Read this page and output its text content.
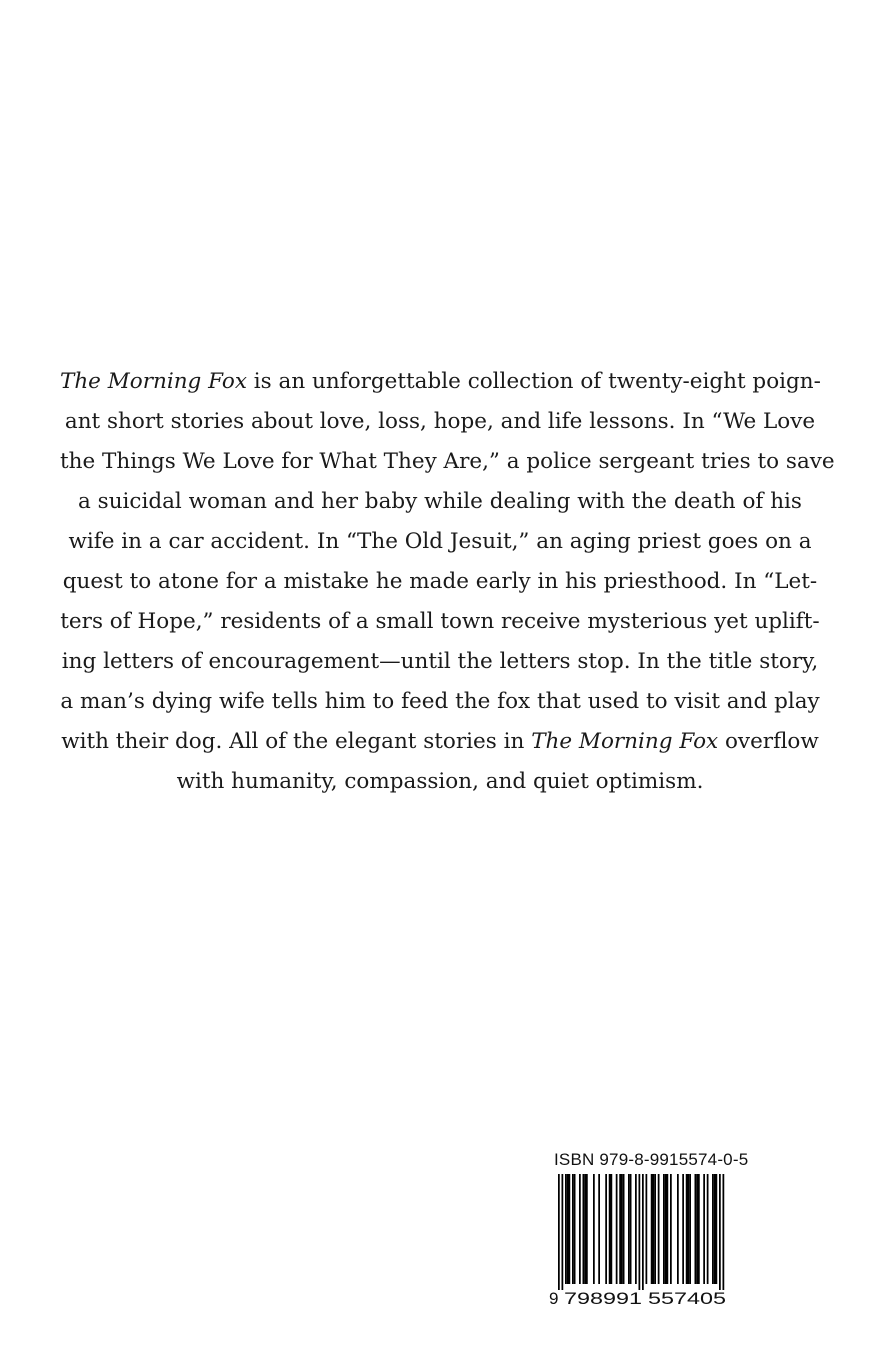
The Morning Fox is an unforgettable collection of twenty-eight poign-
ant short stories about love, loss, hope, and life lessons. In “We Love
the Things We Love for What They Are,” a police sergeant tries to save
a suicidal woman and her baby while dealing with the death of his
wife in a car accident. In “The Old Jesuit,” an aging priest goes on a
quest to atone for a mistake he made early in his priesthood. In “Let-
ters of Hope,” residents of a small town receive mysterious yet uplift-
ing letters of encouragement—until the letters stop. In the title story,
a man’s dying wife tells him to feed the fox that used to visit and play
with their dog. All of the elegant stories in The Morning Fox overflow
with humanity, compassion, and quiet optimism.
ISBN 979-8-9915574-0-5
9 798991 557405
